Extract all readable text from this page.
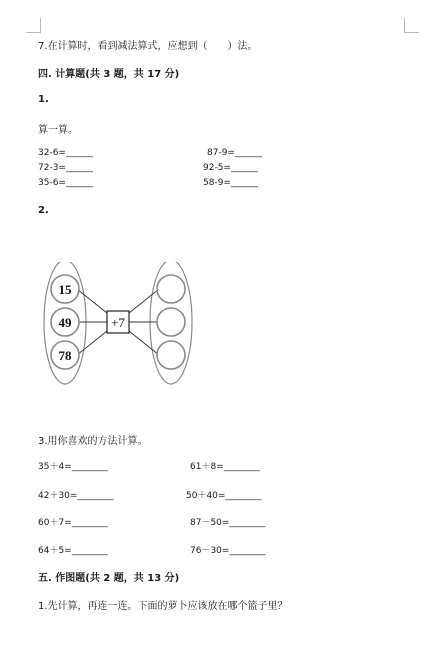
7.在计算时，看到减法算式，应想到（　　）法。
四. 计算题(共 3 题，共 17 分)
1.
算一算。
32-6=______
72-3=______
35-6=______
87-9=______
92-5=______
58-9=______
2.
15
49
78
+7
3.用你喜欢的方法计算。
35＋4=________
42＋30=________
60＋7=________
64＋5=________
61＋8=________
50＋40=________
87－50=________
76－30=________
五. 作图题(共 2 题，共 13 分)
1.先计算，再连一连。下面的萝卜应该放在哪个篮子里？
